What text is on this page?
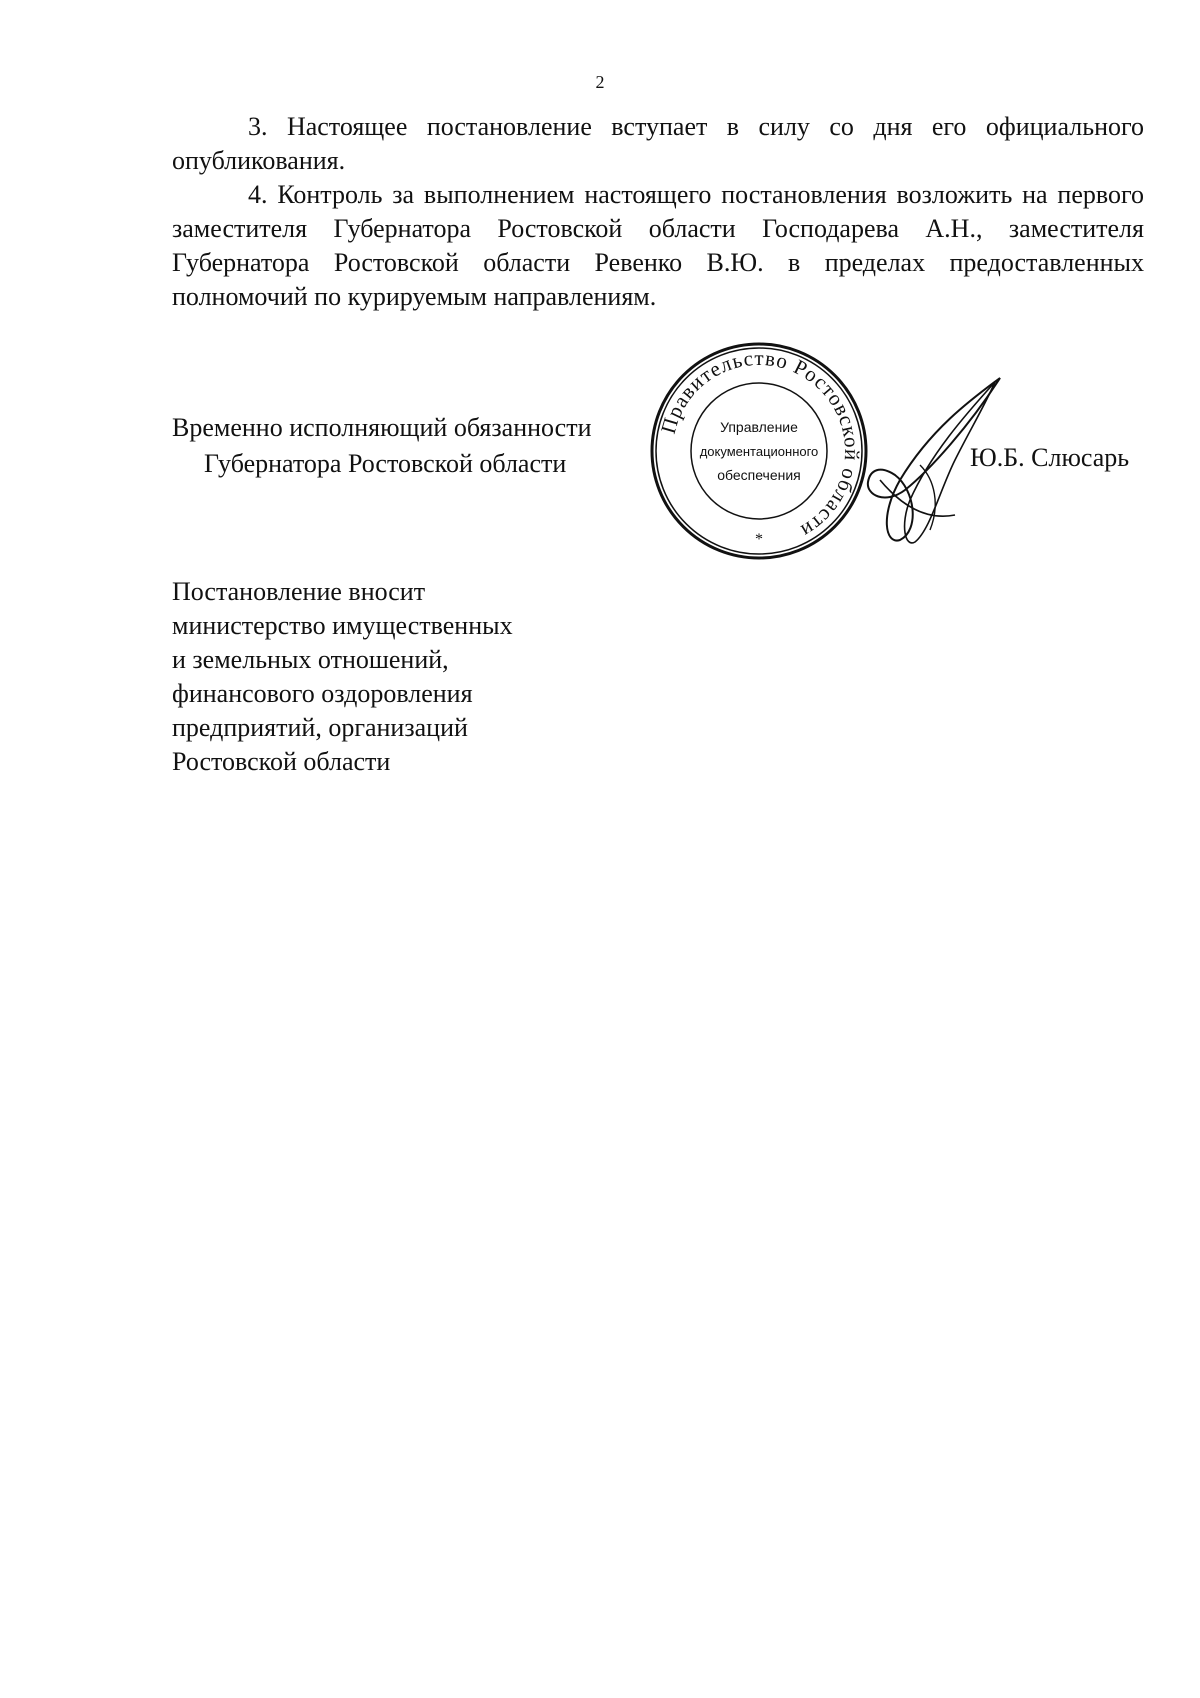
2

3. Настоящее постановление вступает в силу со дня его официального опубликования.

4. Контроль за выполнением настоящего постановления возложить на первого заместителя Губернатора Ростовской области Господарева А.Н., заместителя Губернатора Ростовской области Ревенко В.Ю. в пределах предоставленных полномочий по курируемым направлениям.

Временно исполняющий обязанности
Губернатора Ростовской области
Правительство Ростовской области
Управление
документационного
обеспечения
*
Ю.Б. Слюсарь
Постановление вносит
министерство имущественных
и земельных отношений,
финансового оздоровления
предприятий, организаций
Ростовской области
